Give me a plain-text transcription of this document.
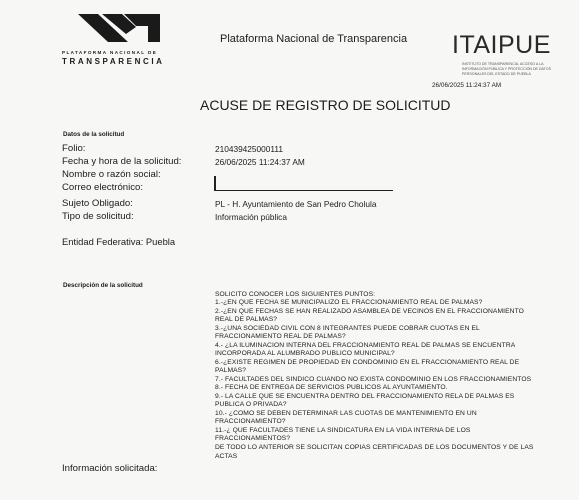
PLATAFORMA NACIONAL DE
TRANSPARENCIA
Plataforma Nacional de Transparencia ITAIPUE
INSTITUTO DE TRANSPARENCIA, ACCESO A LA
INFORMACIÓN PÚBLICA Y PROTECCIÓN DE DATOS
PERSONALES DEL ESTADO DE PUEBLA
26/06/2025 11:24:37 AM
ACUSE DE REGISTRO DE SOLICITUD
Datos de la solicitud
Folio:	210439425000111
Fecha y hora de la solicitud:	26/06/2025 11:24:37 AM
Nombre o razón social:
Correo electrónico:
Sujeto Obligado:	PL - H. Ayuntamiento de San Pedro Cholula
Tipo de solicitud:	Información pública
Entidad Federativa: Puebla
Descripción de la solicitud
SOLICITO CONOCER LOS SIGUIENTES PUNTOS:
1.-¿EN QUE FECHA SE MUNICIPALIZO EL FRACCIONAMIENTO REAL DE PALMAS?
2.-¿EN QUE FECHAS SE HAN REALIZADO ASAMBLEA DE VECINOS EN EL FRACCIONAMIENTO
REAL DE PALMAS?
3.-¿UNA SOCIEDAD CIVIL CON 8 INTEGRANTES PUEDE COBRAR CUOTAS EN EL
FRACCIONAMIENTO REAL DE PALMAS?
4.- ¿LA ILUMINACION INTERNA DEL FRACCIONAMIENTO REAL DE PALMAS SE ENCUENTRA
INCORPORADA AL ALUMBRADO PUBLICO MUNICIPAL?
6.-¿EXISTE REGIMEN DE PROPIEDAD EN CONDOMINIO EN EL FRACCIONAMIENTO REAL DE
PALMAS?
7.- FACULTADES DEL SINDICO CUANDO NO EXISTA CONDOMINIO EN LOS FRACCIONAMIENTOS
8.- FECHA DE ENTREGA DE SERVICIOS PUBLICOS AL AYUNTAMIENTO.
9.- LA CALLE QUE SE ENCUENTRA DENTRO DEL FRACCIONAMIENTO RELA DE PALMAS ES
PUBLICA O PRIVADA?
10.- ¿COMO SE DEBEN DETERMINAR LAS CUOTAS DE MANTENIMIENTO EN UN
FRACCIONAMIENTO?
11.-¿ QUE FACULTADES TIENE LA SINDICATURA EN LA VIDA INTERNA DE LOS
FRACCIONAMIENTOS?
DE TODO LO ANTERIOR SE SOLICITAN COPIAS CERTIFICADAS DE LOS DOCUMENTOS Y DE LAS
ACTAS
Información solicitada:
